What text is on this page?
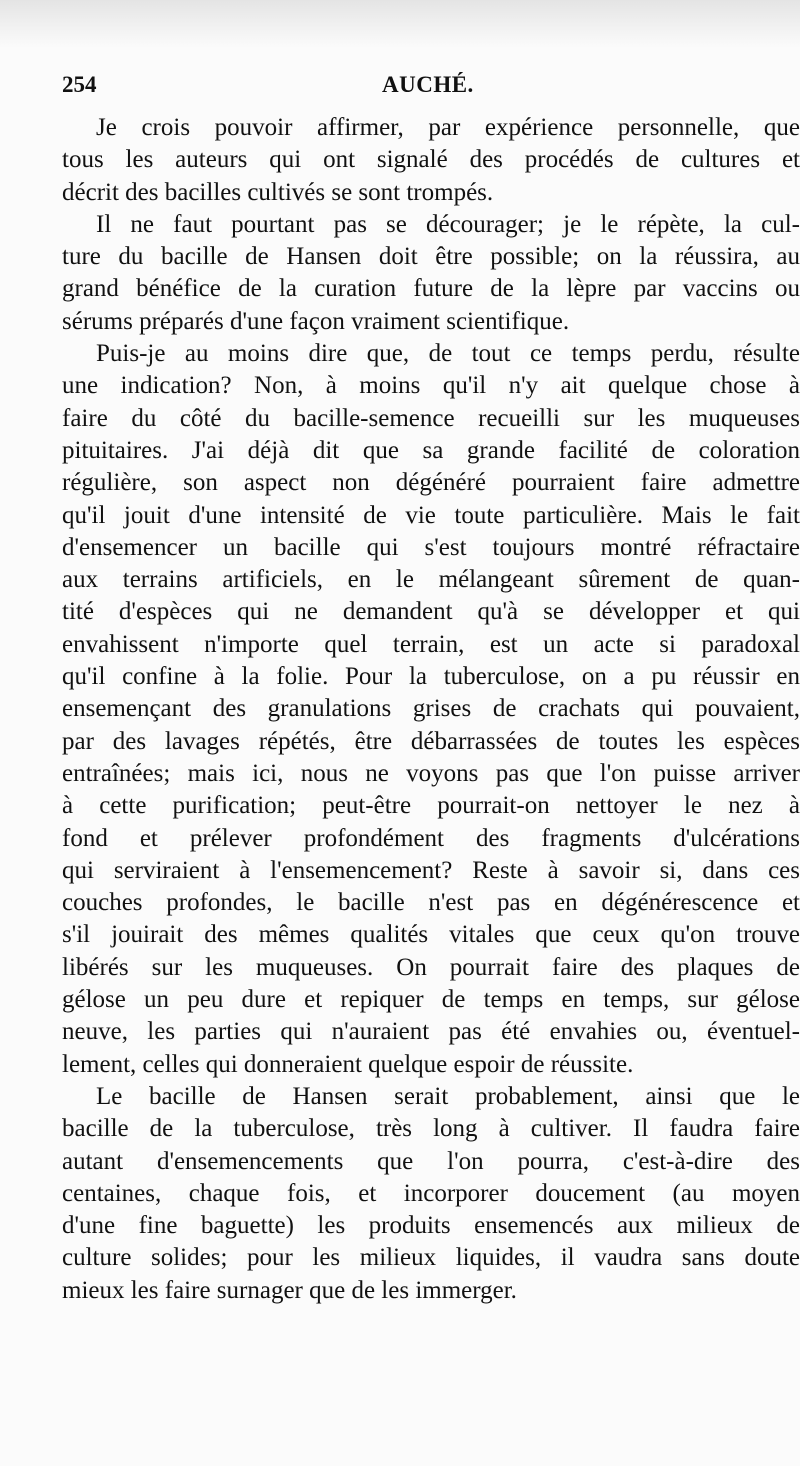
254	AUCHÉ.
Je crois pouvoir affirmer, par expérience personnelle, que
tous les auteurs qui ont signalé des procédés de cultures et
décrit des bacilles cultivés se sont trompés.
Il ne faut pourtant pas se décourager; je le répète, la cul-
ture du bacille de Hansen doit être possible; on la réussira, au
grand bénéfice de la curation future de la lèpre par vaccins ou
sérums préparés d'une façon vraiment scientifique.
Puis-je au moins dire que, de tout ce temps perdu, résulte
une indication? Non, à moins qu'il n'y ait quelque chose à
faire du côté du bacille-semence recueilli sur les muqueuses
pituitaires. J'ai déjà dit que sa grande facilité de coloration
régulière, son aspect non dégénéré pourraient faire admettre
qu'il jouit d'une intensité de vie toute particulière. Mais le fait
d'ensemencer un bacille qui s'est toujours montré réfractaire
aux terrains artificiels, en le mélangeant sûrement de quan-
tité d'espèces qui ne demandent qu'à se développer et qui
envahissent n'importe quel terrain, est un acte si paradoxal
qu'il confine à la folie. Pour la tuberculose, on a pu réussir en
ensemençant des granulations grises de crachats qui pouvaient,
par des lavages répétés, être débarrassées de toutes les espèces
entraînées; mais ici, nous ne voyons pas que l'on puisse arriver
à cette purification; peut-être pourrait-on nettoyer le nez à
fond et prélever profondément des fragments d'ulcérations
qui serviraient à l'ensemencement? Reste à savoir si, dans ces
couches profondes, le bacille n'est pas en dégénérescence et
s'il jouirait des mêmes qualités vitales que ceux qu'on trouve
libérés sur les muqueuses. On pourrait faire des plaques de
gélose un peu dure et repiquer de temps en temps, sur gélose
neuve, les parties qui n'auraient pas été envahies ou, éventuel-
lement, celles qui donneraient quelque espoir de réussite.
Le bacille de Hansen serait probablement, ainsi que le
bacille de la tuberculose, très long à cultiver. Il faudra faire
autant d'ensemencements que l'on pourra, c'est-à-dire des
centaines, chaque fois, et incorporer doucement (au moyen
d'une fine baguette) les produits ensemencés aux milieux de
culture solides; pour les milieux liquides, il vaudra sans doute
mieux les faire surnager que de les immerger.
